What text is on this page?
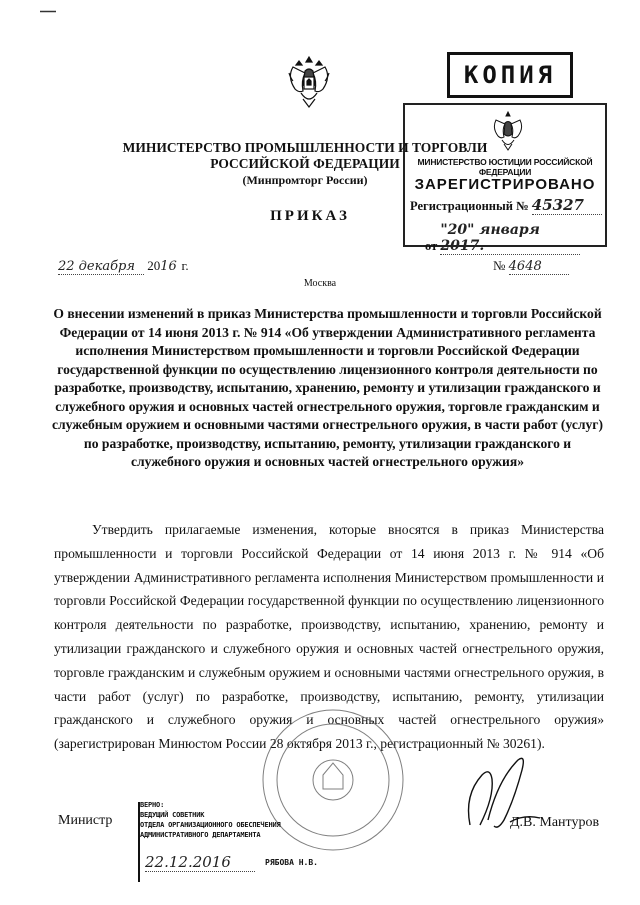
КОПИЯ
МИНИСТЕРСТВО ЮСТИЦИИ РОССИЙСКОЙ ФЕДЕРАЦИИ
ЗАРЕГИСТРИРОВАНО
Регистрационный № 45327
от "20" января 2017.
МИНИСТЕРСТВО ПРОМЫШЛЕННОСТИ И ТОРГОВЛИ
РОССИЙСКОЙ ФЕДЕРАЦИИ
(Минпромторг России)
ПРИКАЗ
22 декабря 2016 г.	№ 4648
Москва
О внесении изменений в приказ Министерства промышленности и торговли Российской Федерации от 14 июня 2013 г. № 914 «Об утверждении Административного регламента исполнения Министерством промышленности и торговли Российской Федерации государственной функции по осуществлению лицензионного контроля деятельности по разработке, производству, испытанию, хранению, ремонту и утилизации гражданского и служебного оружия и основных частей огнестрельного оружия, торговле гражданским и служебным оружием и основными частями огнестрельного оружия, в части работ (услуг) по разработке, производству, испытанию, ремонту, утилизации гражданского и служебного оружия и основных частей огнестрельного оружия»
Утвердить прилагаемые изменения, которые вносятся в приказ Министерства промышленности и торговли Российской Федерации от 14 июня 2013 г. № 914 «Об утверждении Административного регламента исполнения Министерством промышленности и торговли Российской Федерации государственной функции по осуществлению лицензионного контроля деятельности по разработке, производству, испытанию, хранению, ремонту и утилизации гражданского и служебного оружия и основных частей огнестрельного оружия, торговле гражданским и служебным оружием и основными частями огнестрельного оружия, в части работ (услуг) по разработке, производству, испытанию, ремонту, утилизации гражданского и служебного оружия и основных частей огнестрельного оружия» (зарегистрирован Минюстом России 28 октября 2013 г., регистрационный № 30261).
Министр	Д.В. Мантуров
ВЕРНО:
ВЕДУЩИЙ СОВЕТНИК
ОТДЕЛА ОРГАНИЗАЦИОННОГО ОБЕСПЕЧЕНИЯ
АДМИНИСТРАТИВНОГО ДЕПАРТАМЕНТА
22.12.2016	РЯБОВА Н.В.
